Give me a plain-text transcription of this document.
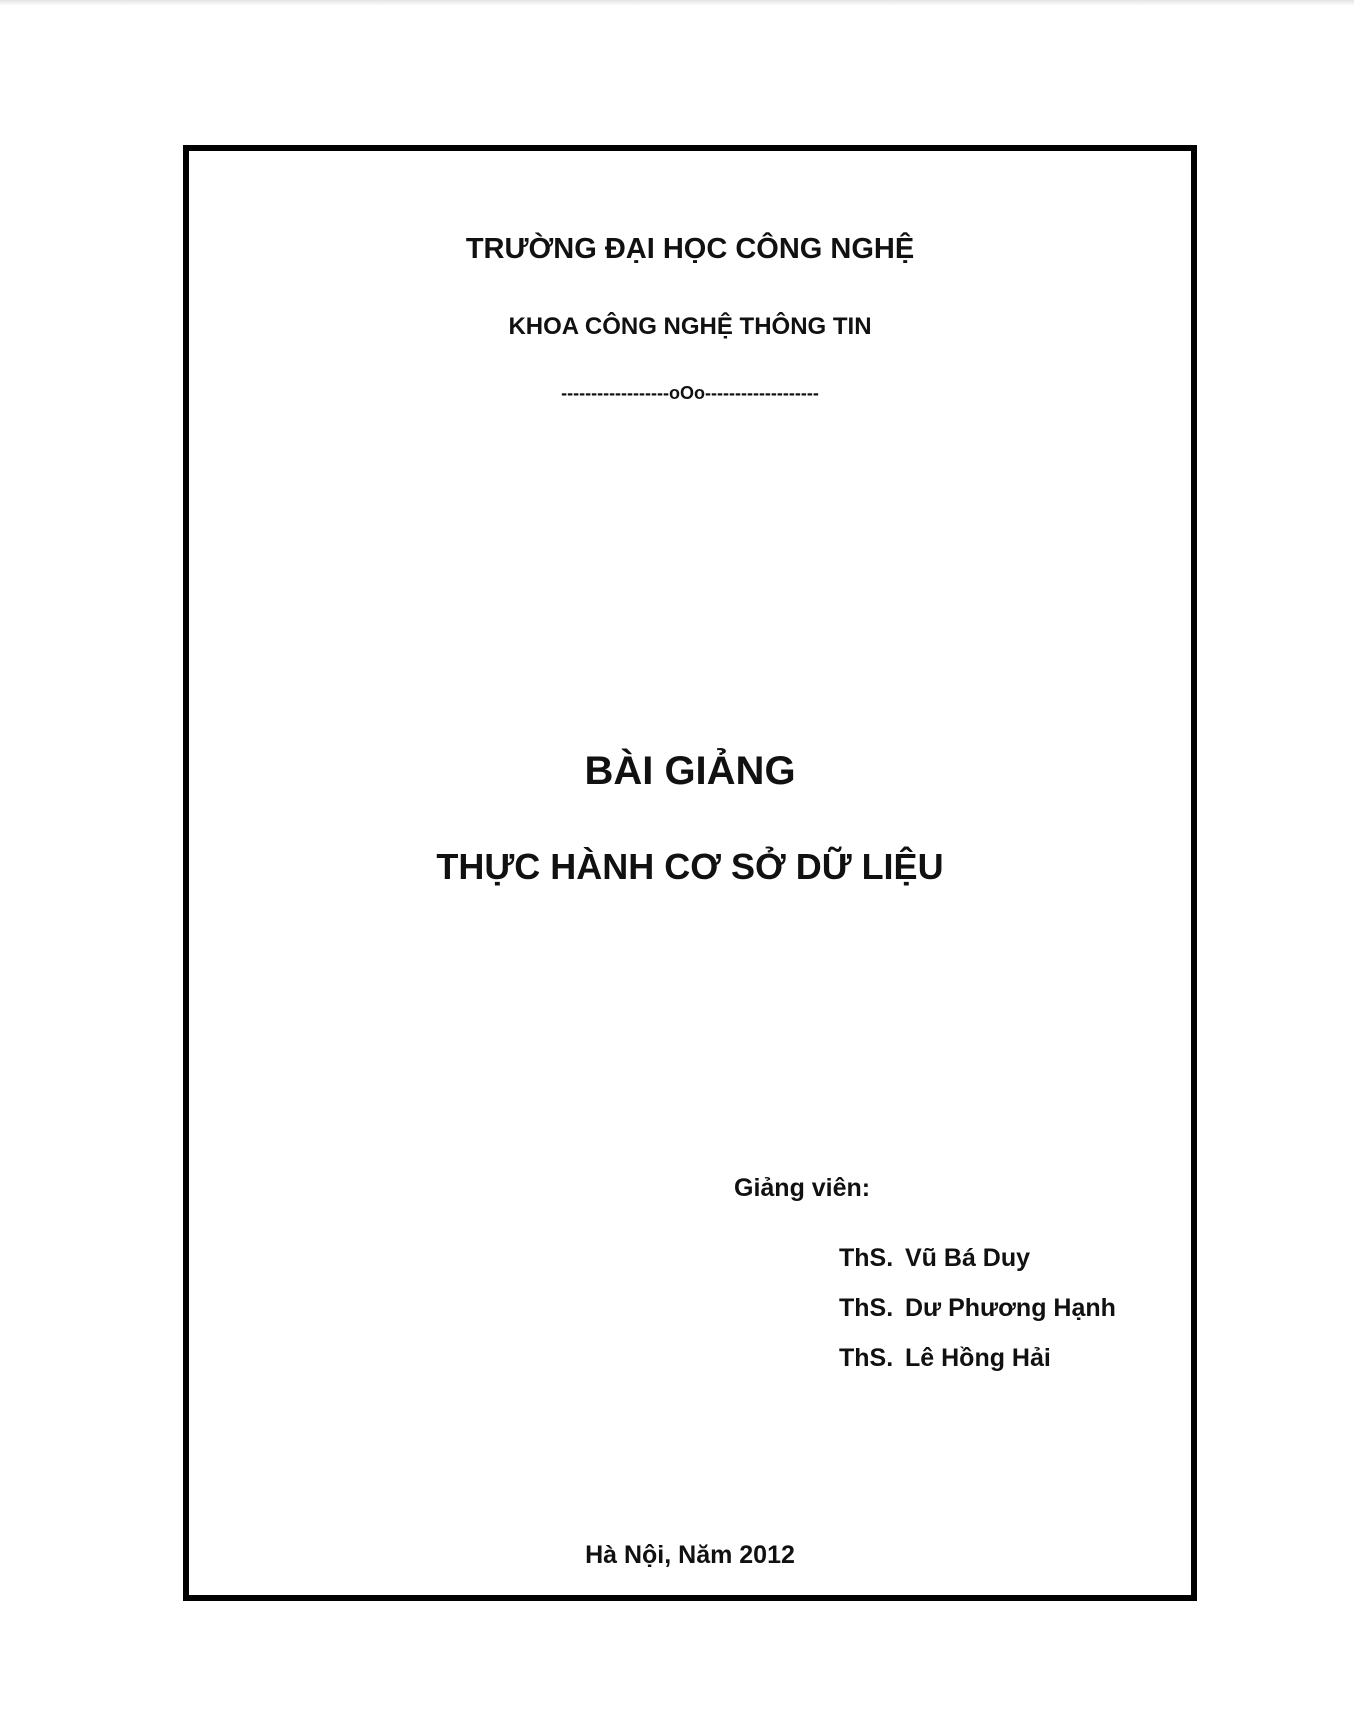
TRƯỜNG ĐẠI HỌC CÔNG NGHỆ
KHOA CÔNG NGHỆ THÔNG TIN
------------------oOo-------------------
BÀI GIẢNG
THỰC HÀNH CƠ SỞ DỮ LIỆU
Giảng viên:
ThS. Vũ Bá Duy
ThS. Dư Phương Hạnh
ThS. Lê Hồng Hải
Hà Nội, Năm 2012
